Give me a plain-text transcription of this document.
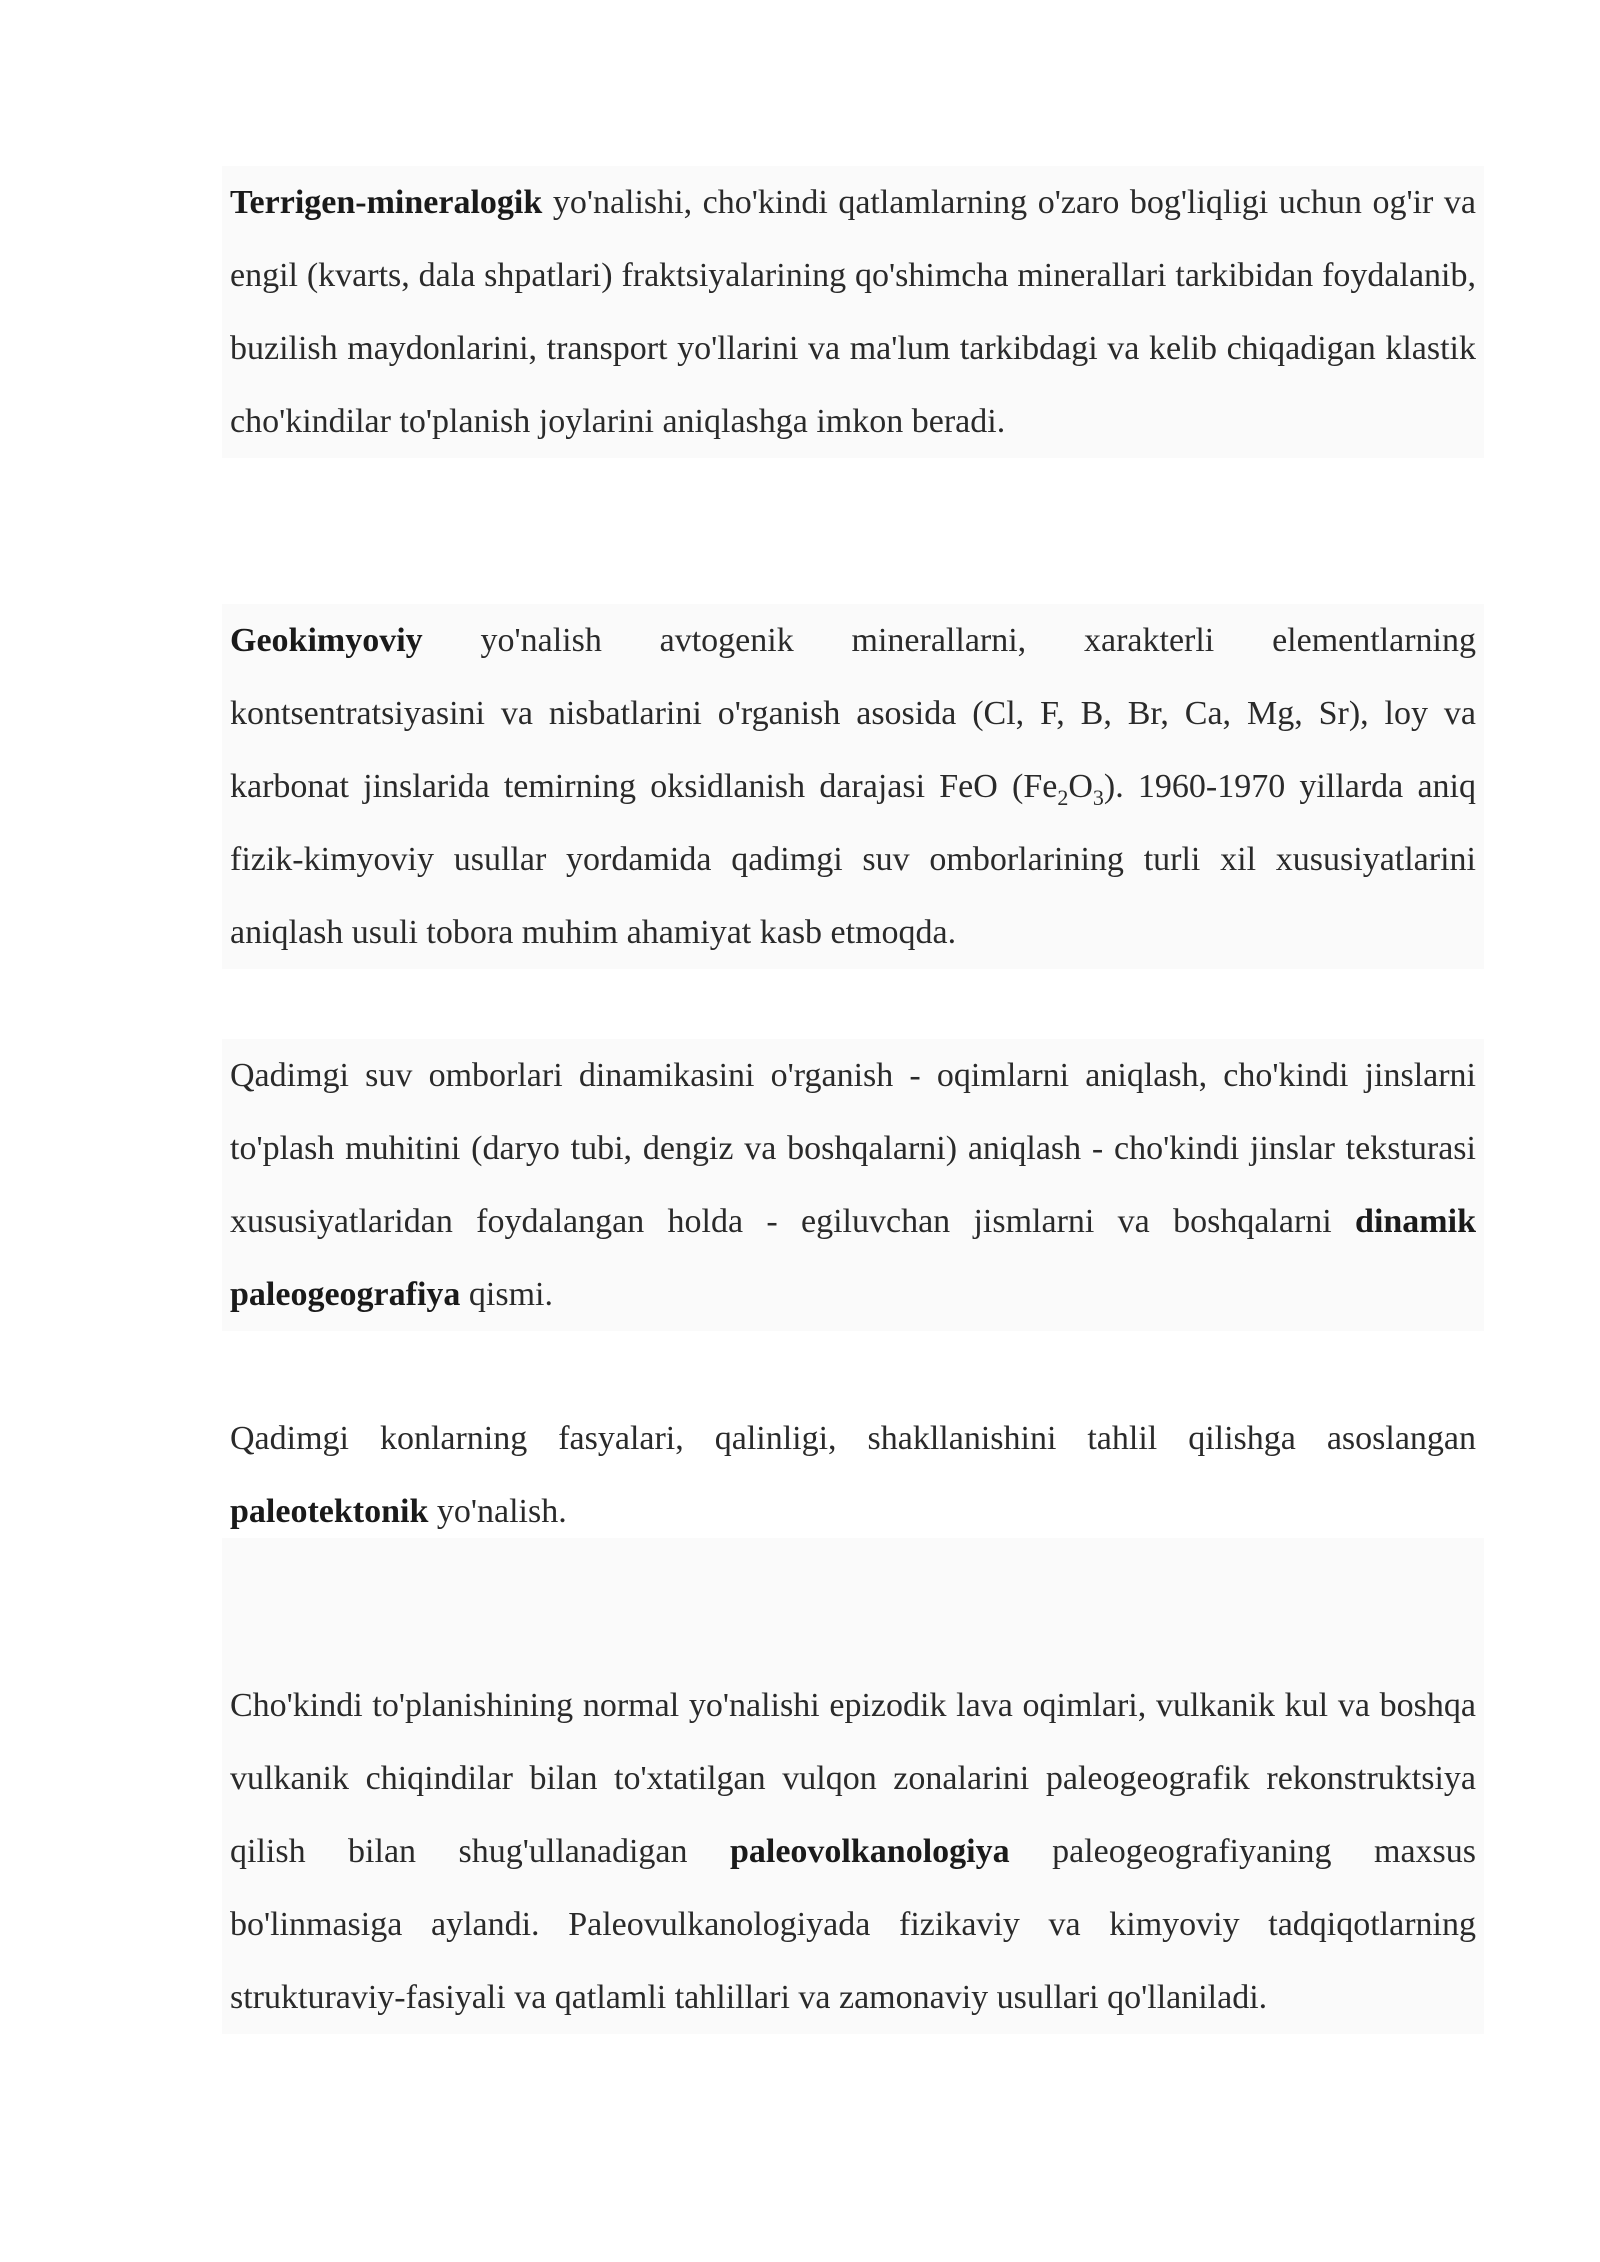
Terrigen-mineralogik yo'nalishi, cho'kindi qatlamlarning o'zaro bog'liqligi uchun og'ir va engil (kvarts, dala shpatlari) fraktsiyalarining qo'shimcha minerallari tarkibidan foydalanib, buzilish maydonlarini, transport yo'llarini va ma'lum tarkibdagi va kelib chiqadigan klastik cho'kindilar to'planish joylarini aniqlashga imkon beradi.
Geokimyoviy yo'nalish avtogenik minerallarni, xarakterli elementlarning kontsentratsiyasini va nisbatlarini o'rganish asosida (Cl, F, B, Br, Ca, Mg, Sr), loy va karbonat jinslarida temirning oksidlanish darajasi FeO $(Fe_2O_3)$. 1960-1970 yillarda aniq fizik-kimyoviy usullar yordamida qadimgi suv omborlarining turli xil xususiyatlarini aniqlash usuli tobora muhim ahamiyat kasb etmoqda.
Qadimgi suv omborlari dinamikasini o'rganish - oqimlarni aniqlash, cho'kindi jinslarni to'plash muhitini (daryo tubi, dengiz va boshqalarni) aniqlash - cho'kindi jinslar teksturasi xususiyatlaridan foydalangan holda - egiluvchan jismlarni va boshqalarni dinamik paleogeografiya qismi.
Qadimgi konlarning fasyalari, qalinligi, shakllanishini tahlil qilishga asoslangan paleotektonik yo'nalish.
Cho'kindi to'planishining normal yo'nalishi epizodik lava oqimlari, vulkanik kul va boshqa vulkanik chiqindilar bilan to'xtatilgan vulqon zonalarini paleogeografik rekonstruktsiya qilish bilan shug'ullanadigan paleovolkanologiya paleogeografiyaning maxsus bo'linmasiga aylandi. Paleovulkanologiyada fizikaviy va kimyoviy tadqiqotlarning strukturaviy-fasiyali va qatlamli tahlillari va zamonaviy usullari qo'llaniladi.
